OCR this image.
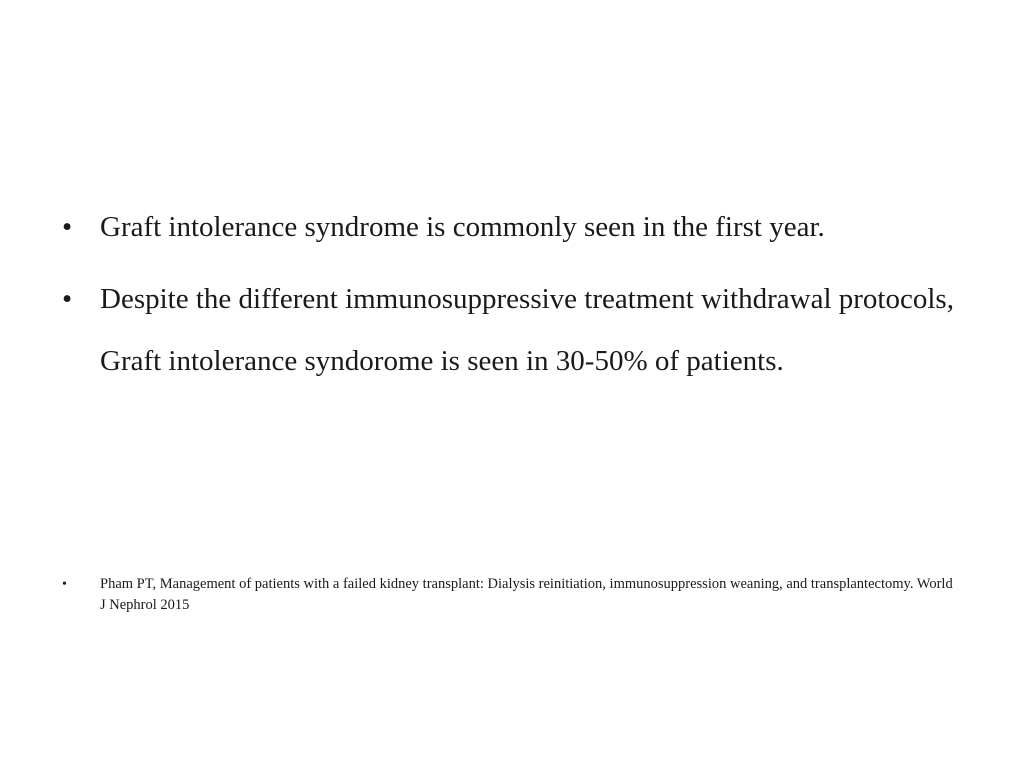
• Graft intolerance syndrome is commonly seen in the first year.
• Despite the different immunosuppressive treatment withdrawal protocols, Graft intolerance syndorome is seen in 30-50% of patients.
• Pham PT, Management of patients with a failed kidney transplant: Dialysis reinitiation, immunosuppression weaning, and transplantectomy. World J Nephrol 2015
